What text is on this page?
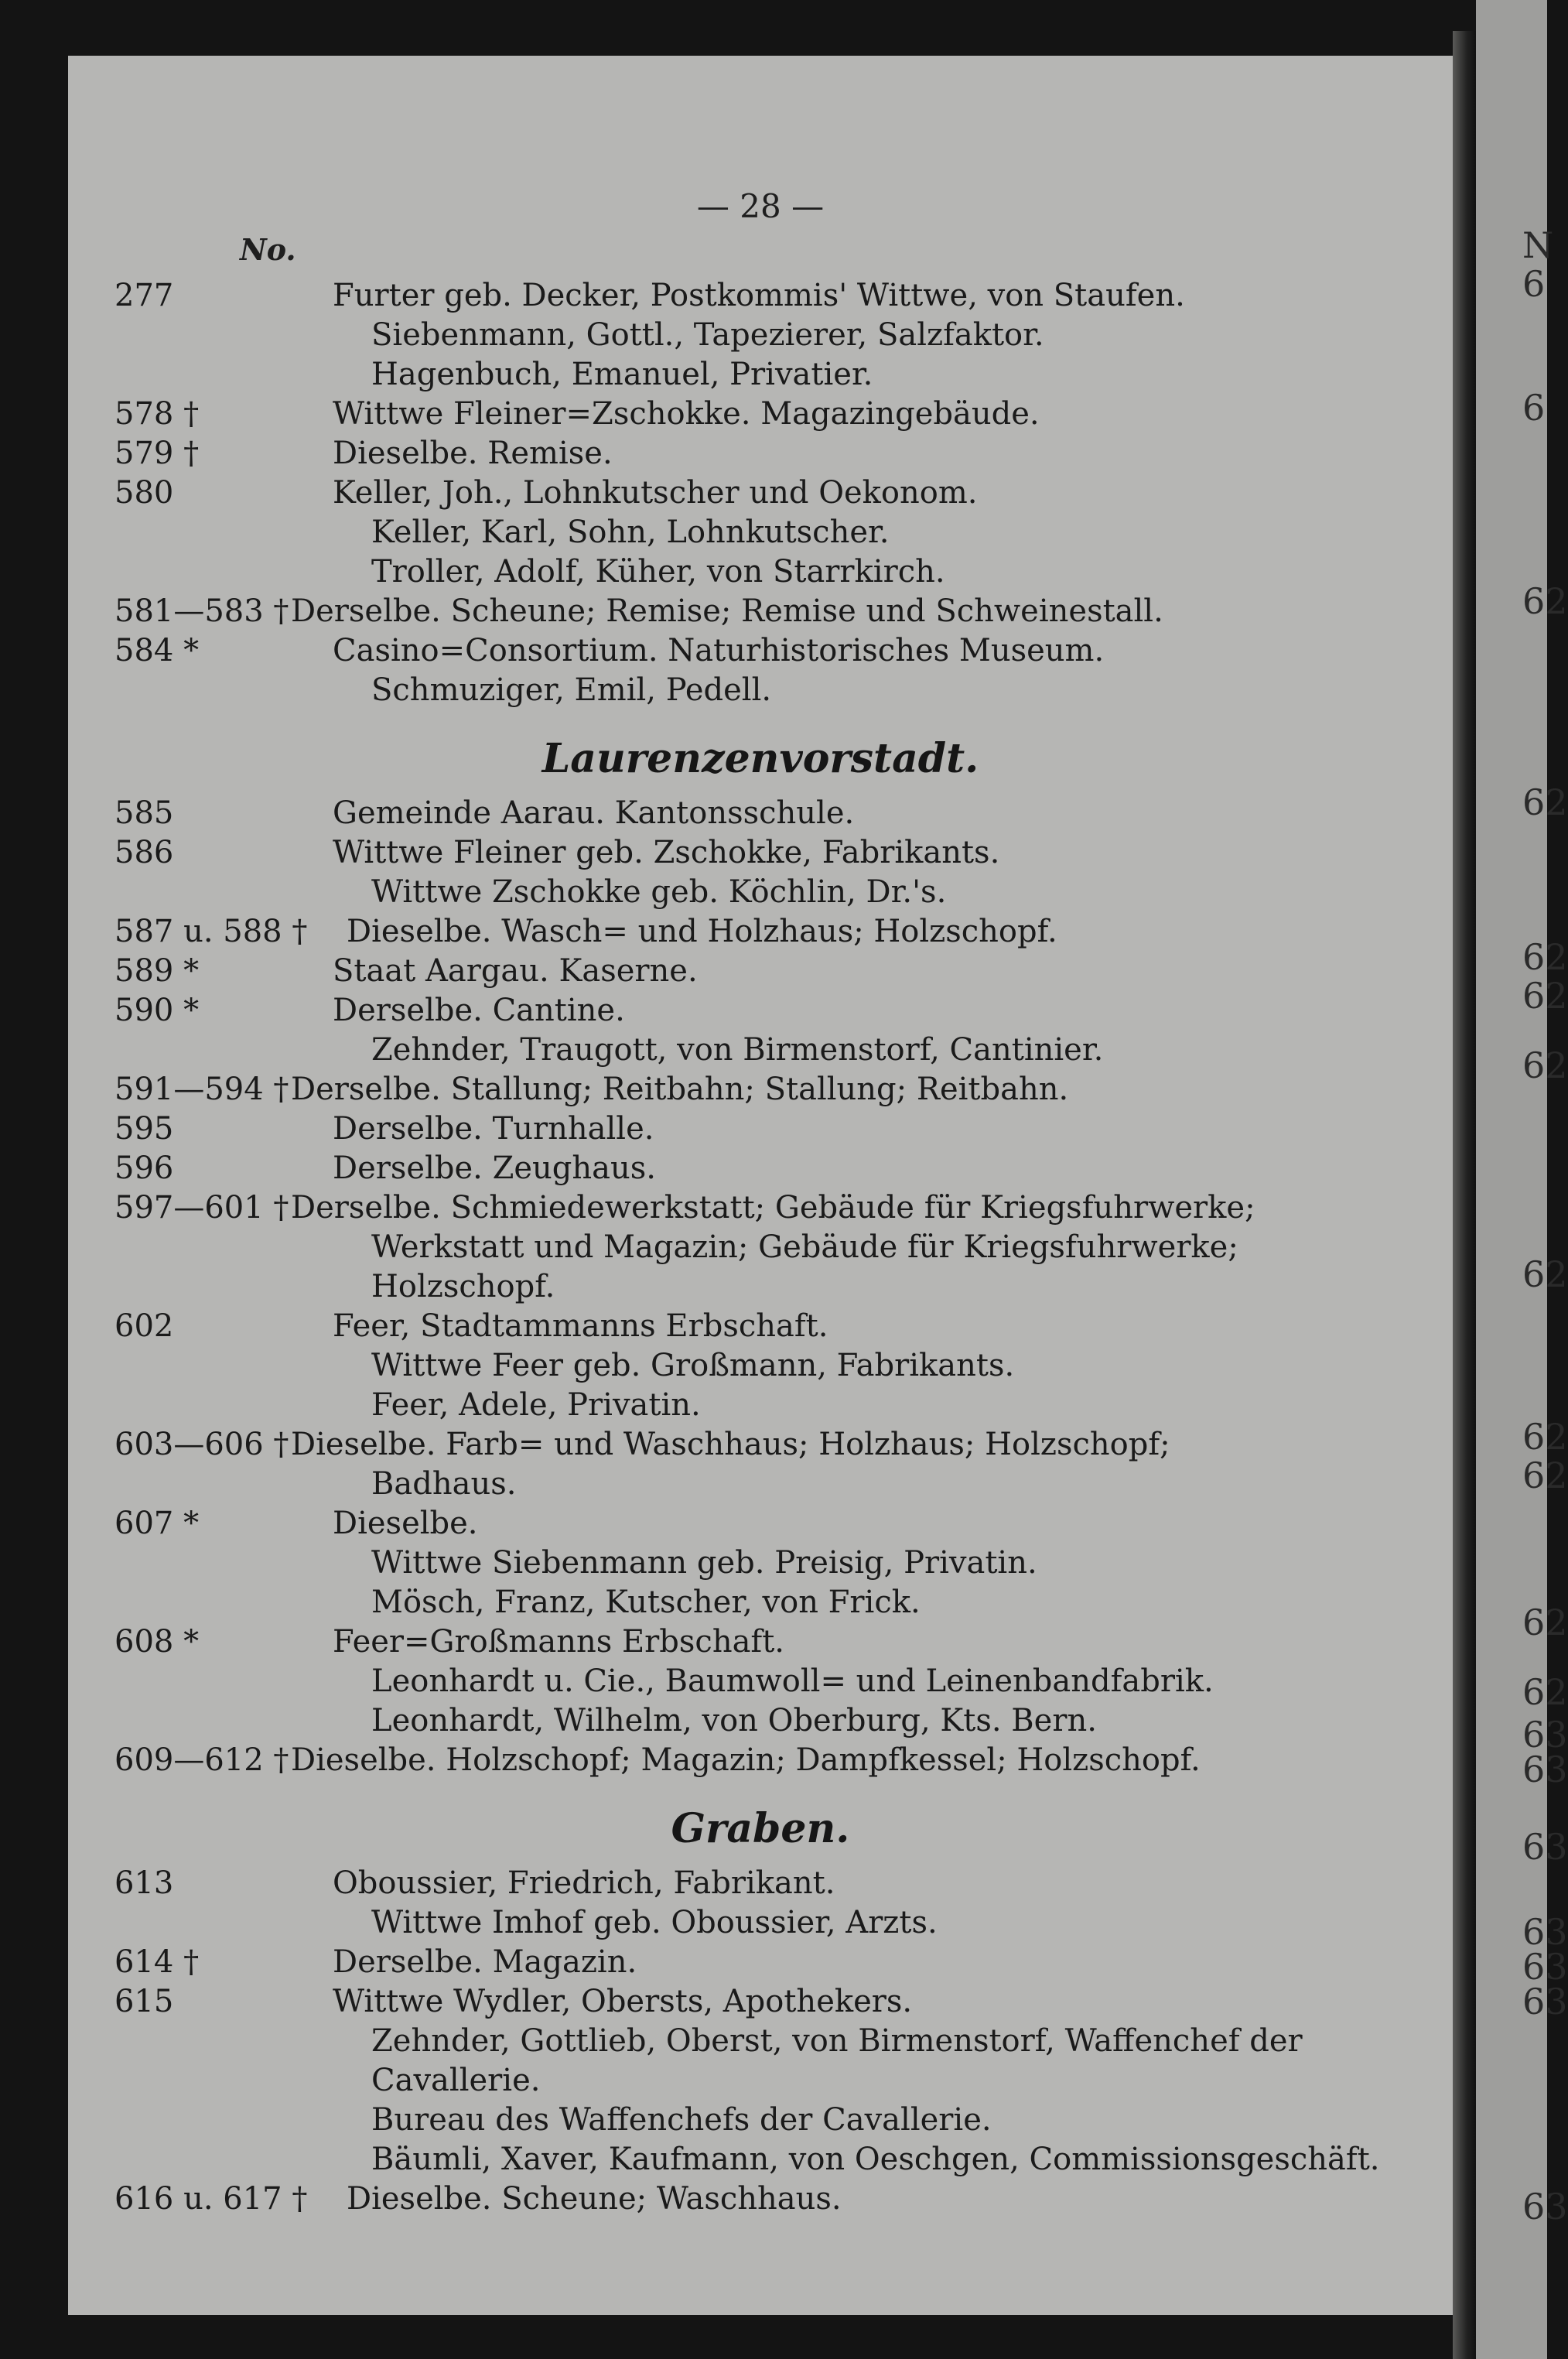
— 28 —
No.
277	Furter geb. Decker, Postkommis' Wittwe, von Staufen.
Siebenmann, Gottl., Tapezierer, Salzfaktor.
Hagenbuch, Emanuel, Privatier.
578 †	Wittwe Fleiner=Zschokke. Magazingebäude.
579 †	Dieselbe. Remise.
580	Keller, Joh., Lohnkutscher und Oekonom.
Keller, Karl, Sohn, Lohnkutscher.
Troller, Adolf, Küher, von Starrkirch.
581—583 † Derselbe. Scheune; Remise; Remise und Schweinestall.
584 *	Casino=Consortium. Naturhistorisches Museum.
Schmuziger, Emil, Pedell.
Laurenzenvorstadt.
585	Gemeinde Aarau. Kantonsschule.
586	Wittwe Fleiner geb. Zschokke, Fabrikants.
Wittwe Zschokke geb. Köchlin, Dr.'s.
587 u. 588 † Dieselbe. Wasch= und Holzhaus; Holzschopf.
589 *	Staat Aargau. Kaserne.
590 *	Derselbe. Cantine.
Zehnder, Traugott, von Birmenstorf, Cantinier.
591—594 † Derselbe. Stallung; Reitbahn; Stallung; Reitbahn.
595	Derselbe. Turnhalle.
596	Derselbe. Zeughaus.
597—601 † Derselbe. Schmiedewerkstatt; Gebäude für Kriegsfuhrwerke;
Werkstatt und Magazin; Gebäude für Kriegsfuhrwerke;
Holzschopf.
602	Feer, Stadtammanns Erbschaft.
Wittwe Feer geb. Großmann, Fabrikants.
Feer, Adele, Privatin.
603—606 † Dieselbe. Farb= und Waschhaus; Holzhaus; Holzschopf;
Badhaus.
607 *	Dieselbe.
Wittwe Siebenmann geb. Preisig, Privatin.
Mösch, Franz, Kutscher, von Frick.
608 *	Feer=Großmanns Erbschaft.
Leonhardt u. Cie., Baumwoll= und Leinenbandfabrik.
Leonhardt, Wilhelm, von Oberburg, Kts. Bern.
609—612 † Dieselbe. Holzschopf; Magazin; Dampfkessel; Holzschopf.
Graben.
613	Oboussier, Friedrich, Fabrikant.
Wittwe Imhof geb. Oboussier, Arzts.
614 †	Derselbe. Magazin.
615	Wittwe Wydler, Obersts, Apothekers.
Zehnder, Gottlieb, Oberst, von Birmenstorf, Waffenchef der
Cavallerie.
Bureau des Waffenchefs der Cavallerie.
Bäumli, Xaver, Kaufmann, von Oeschgen, Commissionsgeschäft.
616 u. 617 † Dieselbe. Scheune; Waschhaus.
N
6
6
62
62
62
62
62
62
62
62
62
62
63
63
63
63
63
63
63
